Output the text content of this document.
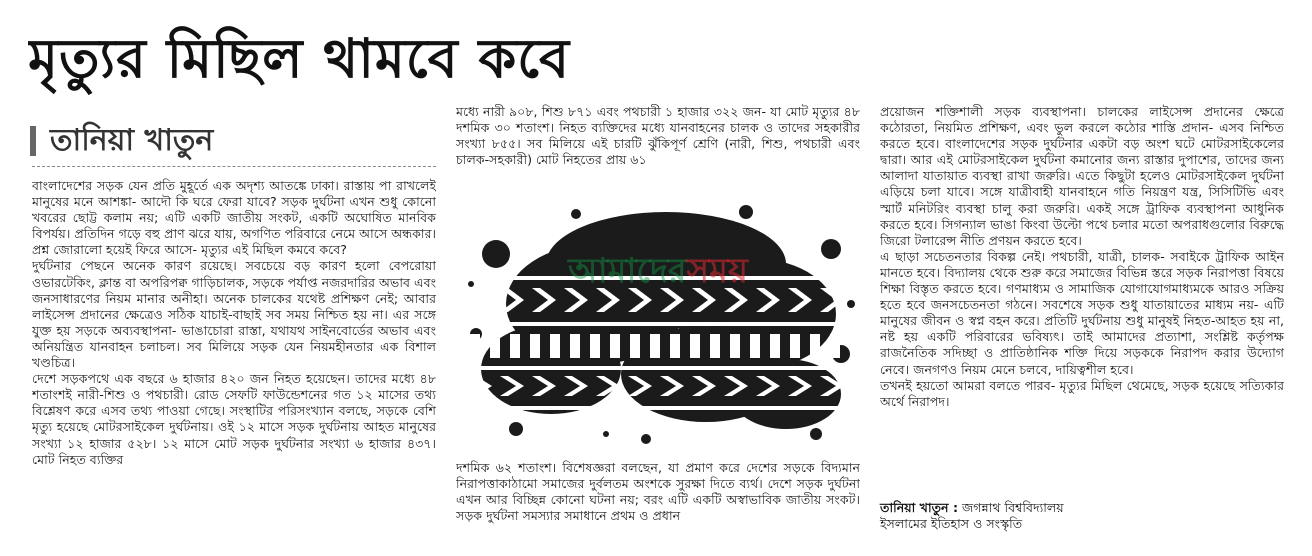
মৃত্যুর মিছিল থামবে কবে
তানিয়া খাতুন

বাংলাদেশের সড়ক যেন প্রতি মুহূর্তে এক অদৃশ্য আতঙ্কে ঢাকা। রাস্তায় পা রাখলেই মানুষের মনে আশঙ্কা- আদৌ কি ঘরে ফেরা যাবে? সড়ক দুর্ঘটনা এখন শুধু কোনো খবরের ছোট্ট কলাম নয়; এটি একটি জাতীয় সংকট, একটি অঘোষিত মানবিক বিপর্যয়। প্রতিদিন গড়ে বহু প্রাণ ঝরে যায়, অগণিত পরিবারে নেমে আসে অন্ধকার। প্রশ্ন জোরালো হয়েই ফিরে আসে- মৃত্যুর এই মিছিল কমবে কবে?

দুর্ঘটনার পেছনে অনেক কারণ রয়েছে। সবচেয়ে বড় কারণ হলো বেপরোয়া ওভারটেকিং, ক্লান্ত বা অপরিপক্ব গাড়িচালক, সড়কে পর্যাপ্ত নজরদারির অভাব এবং জনসাধারণের নিয়ম মানার অনীহা। অনেক চালকের যথেষ্ট প্রশিক্ষণ নেই; আবার লাইসেন্স প্রদানের ক্ষেত্রেও সঠিক যাচাই-বাছাই সব সময় নিশ্চিত হয় না। এর সঙ্গে যুক্ত হয় সড়কে অব্যবস্থাপনা- ভাঙাচোরা রাস্তা, যথাযথ সাইনবোর্ডের অভাব এবং অনিয়ন্ত্রিত যানবাহন চলাচল। সব মিলিয়ে সড়ক যেন নিয়মহীনতার এক বিশাল খণ্ডচিত্র।

দেশে সড়কপথে এক বছরে ৬ হাজার ৪২০ জন নিহত হয়েছেন। তাদের মধ্যে ৪৮ শতাংশই নারী-শিশু ও পথচারী। রোড সেফটি ফাউন্ডেশনের গত ১২ মাসের তথ্য বিশ্লেষণ করে এসব তথ্য পাওয়া গেছে। সংস্থাটির পরিসংখ্যান বলছে, সড়কে বেশি মৃত্যু হয়েছে মোটরসাইকেল দুর্ঘটনায়। ওই ১২ মাসে সড়ক দুর্ঘটনায় আহত মানুষের সংখ্যা ১২ হাজার ৫২৮। ১২ মাসে মোট সড়ক দুর্ঘটনার সংখ্যা ৬ হাজার ৪৩৭। মোট নিহত ব্যক্তির

মধ্যে নারী ৯০৮, শিশু ৮৭১ এবং পথচারী ১ হাজার ৩২২ জন- যা মোট মৃত্যুর ৪৮ দশমিক ৩০ শতাংশ। নিহত ব্যক্তিদের মধ্যে যানবাহনের চালক ও তাদের সহকারীর সংখ্যা ৮৫৫। সব মিলিয়ে এই চারটি ঝুঁকিপূর্ণ শ্রেণি (নারী, শিশু, পথচারী এবং চালক-সহকারী) মোট নিহতের প্রায় ৬১

আমাদেরসময়

দশমিক ৬২ শতাংশ। বিশেষজ্ঞরা বলছেন, যা প্রমাণ করে দেশের সড়কে বিদ্যমান নিরাপত্তাকাঠামো সমাজের দুর্বলতম অংশকে সুরক্ষা দিতে ব্যর্থ। দেশে সড়ক দুর্ঘটনা এখন আর বিচ্ছিন্ন কোনো ঘটনা নয়; বরং এটি একটি অস্বাভাবিক জাতীয় সংকট। সড়ক দুর্ঘটনা সমস্যার সমাধানে প্রথম ও প্রধান

প্রয়োজন শক্তিশালী সড়ক ব্যবস্থাপনা। চালকের লাইসেন্স প্রদানের ক্ষেত্রে কঠোরতা, নিয়মিত প্রশিক্ষণ, এবং ভুল করলে কঠোর শাস্তি প্রদান- এসব নিশ্চিত করতে হবে। বাংলাদেশের সড়ক দুর্ঘটনার একটা বড় অংশ ঘটে মোটরসাইকেলের দ্বারা। আর এই মোটরসাইকেল দুর্ঘটনা কমানোর জন্য রাস্তার দুপাশের, তাদের জন্য আলাদা যাতায়াত ব্যবস্থা রাখা জরুরি। এতে কিছুটা হলেও মোটরসাইকেল দুর্ঘটনা এড়িয়ে চলা যাবে। সঙ্গে যাত্রীবাহী যানবাহনে গতি নিয়ন্ত্রণ যন্ত্র, সিসিটিভি এবং স্মার্ট মনিটরিং ব্যবস্থা চালু করা জরুরি। একই সঙ্গে ট্রাফিক ব্যবস্থাপনা আধুনিক করতে হবে। সিগন্যাল ভাঙা কিংবা উল্টো পথে চলার মতো অপরাধগুলোর বিরুদ্ধে জিরো টলারেন্স নীতি প্রণয়ন করতে হবে।

এ ছাড়া সচেতনতার বিকল্প নেই। পথচারী, যাত্রী, চালক- সবাইকে ট্রাফিক আইন মানতে হবে। বিদ্যালয় থেকে শুরু করে সমাজের বিভিন্ন স্তরে সড়ক নিরাপত্তা বিষয়ে শিক্ষা বিস্তৃত করতে হবে। গণমাধ্যম ও সামাজিক যোগাযোগমাধ্যমকে আরও সক্রিয় হতে হবে জনসচেতনতা গঠনে। সবশেষে সড়ক শুধু যাতায়াতের মাধ্যম নয়- এটি মানুষের জীবন ও স্বপ্ন বহন করে। প্রতিটি দুর্ঘটনায় শুধু মানুষই নিহত-আহত হয় না, নষ্ট হয় একটি পরিবারের ভবিষ্যৎ। তাই আমাদের প্রত্যাশা, সংশ্লিষ্ট কর্তৃপক্ষ রাজনৈতিক সদিচ্ছা ও প্রাতিষ্ঠানিক শক্তি দিয়ে সড়ককে নিরাপদ করার উদ্যোগ নেবে। জনগণও নিয়ম মেনে চলবে, দায়িত্বশীল হবে।

তখনই হয়তো আমরা বলতে পারব- মৃত্যুর মিছিল থেমেছে, সড়ক হয়েছে সত্যিকার অর্থে নিরাপদ।

তানিয়া খাতুন : জগন্নাথ বিশ্ববিদ্যালয়
ইসলামের ইতিহাস ও সংস্কৃতি
